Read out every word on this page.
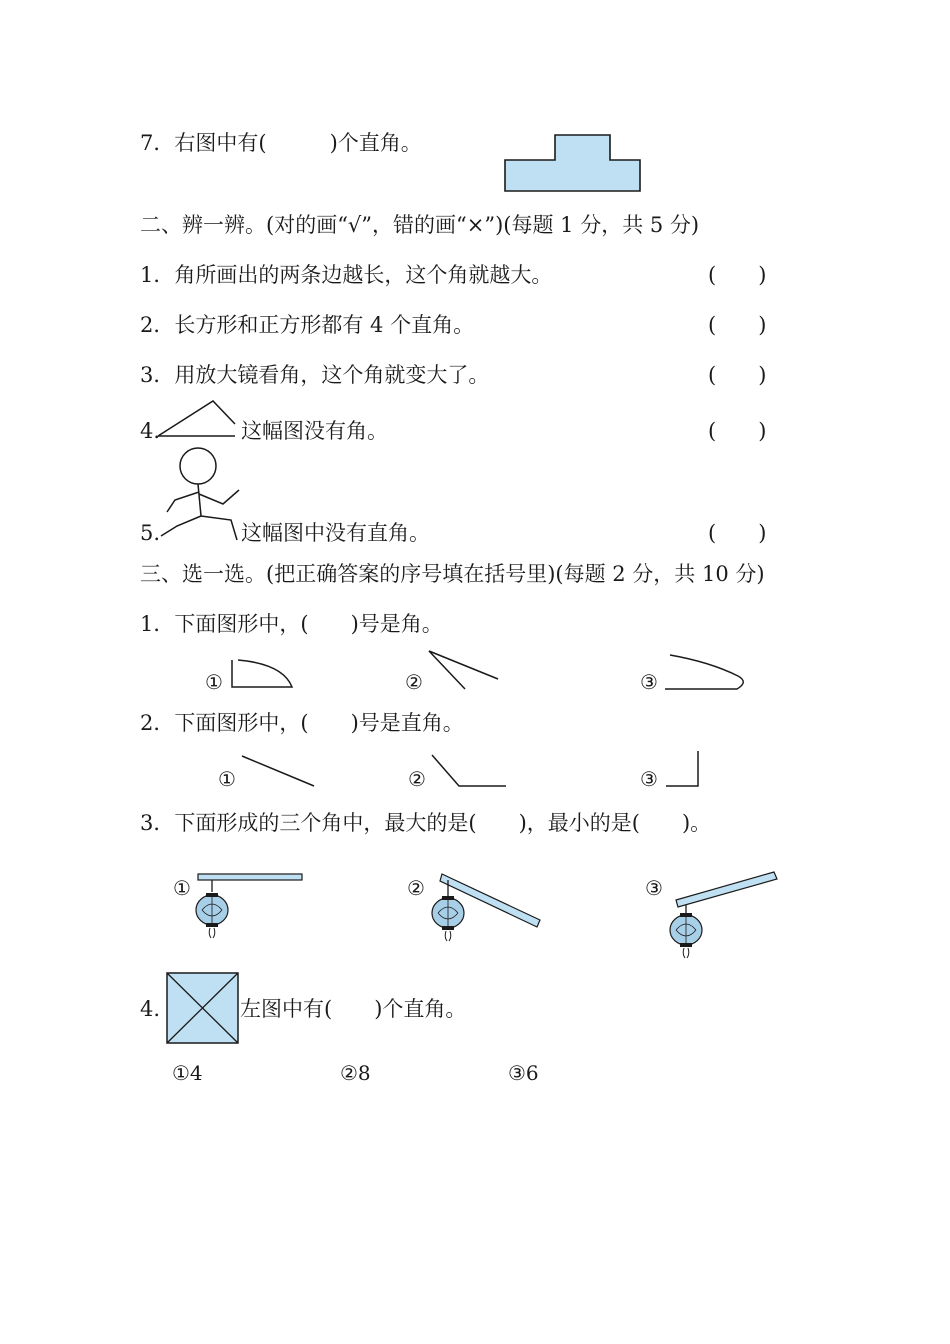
7．右图中有(　　　)个直角。
二、辨一辨。(对的画“√”，错的画“×”)(每题 1 分，共 5 分)
1．角所画出的两条边越长，这个角就越大。	(　　)
2．长方形和正方形都有 4 个直角。	(　　)
3．用放大镜看角，这个角就变大了。	(　　)
4.	这幅图没有角。	(　　)
5.	这幅图中没有直角。	(　　)
三、选一选。(把正确答案的序号填在括号里)(每题 2 分，共 10 分)
1．下面图形中，(　　)号是角。
①	②	③
2．下面图形中，(　　)号是直角。
①	②	③
3．下面形成的三个角中，最大的是(　　)，最小的是(　　)。
①	②	③
4.	左图中有(　　)个直角。
①4	②8	③6
